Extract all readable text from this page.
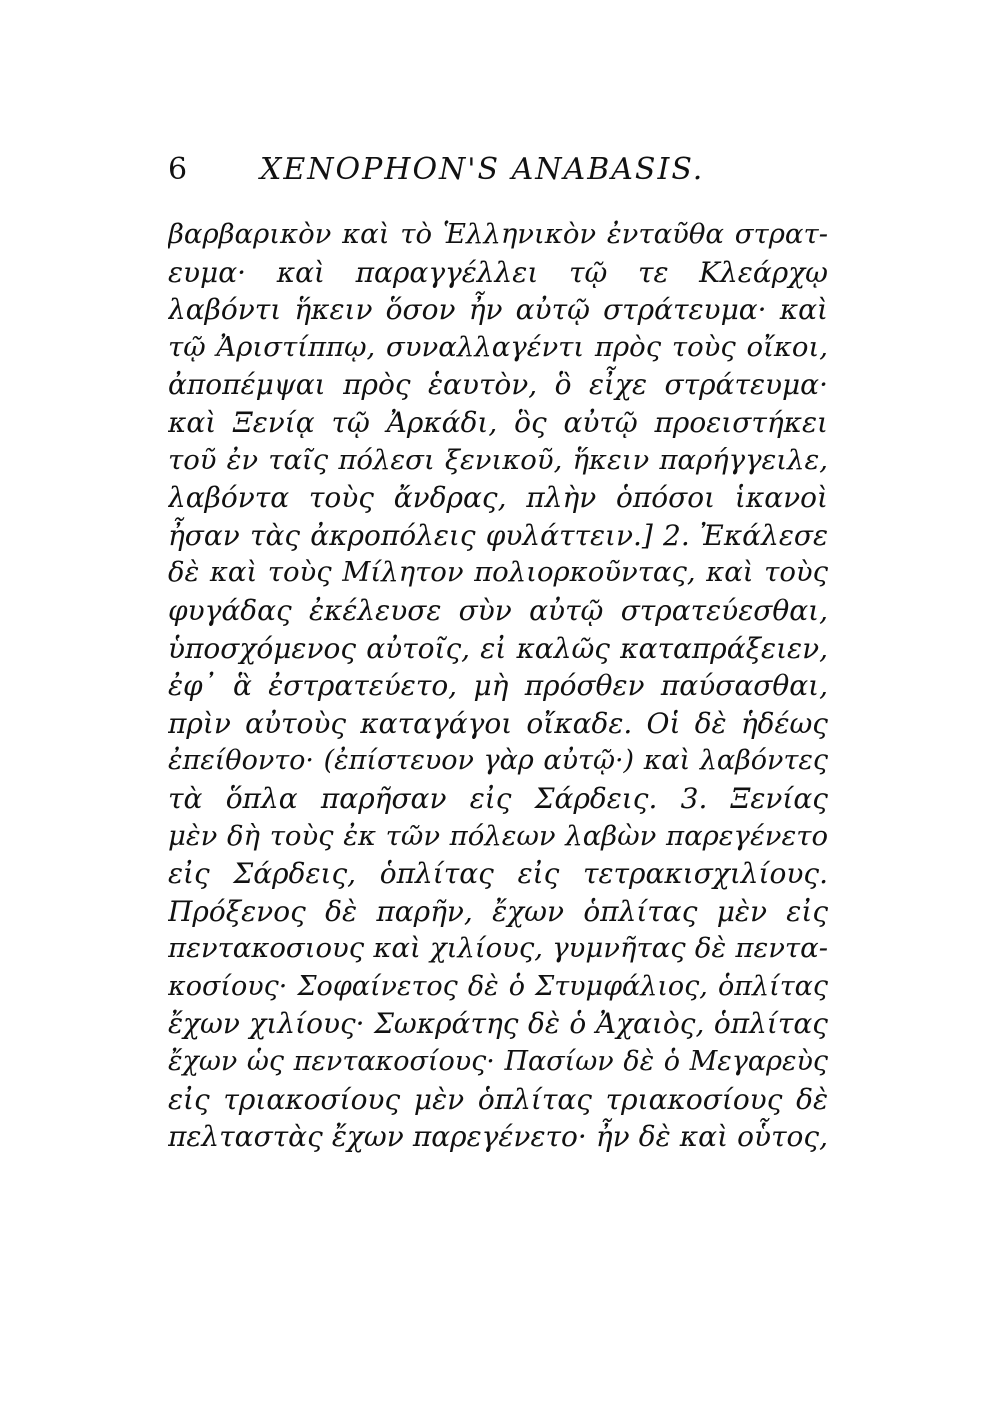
6 XENOPHON'S ANABASIS.
βαρβαρικὸν καὶ τὸ Ἑλληνικὸν ἐνταῦθα στρατ-
ευμα· καὶ παραγγέλλει τῷ τε Κλεάρχῳ
λαβόντι ἥκειν ὅσον ἦν αὐτῷ στράτευμα· καὶ
τῷ Ἀριστίππῳ, συναλλαγέντι πρὸς τοὺς οἴκοι,
ἀποπέμψαι πρὸς ἑαυτὸν, ὃ εἶχε στράτευμα·
καὶ Ξενίᾳ τῷ Ἀρκάδι, ὃς αὐτῷ προειστήκει
τοῦ ἐν ταῖς πόλεσι ξενικοῦ, ἥκειν παρήγγειλε,
λαβόντα τοὺς ἄνδρας, πλὴν ὁπόσοι ἱκανοὶ
ἦσαν τὰς ἀκροπόλεις φυλάττειν.] 2. Ἐκάλεσε
δὲ καὶ τοὺς Μίλητον πολιορκοῦντας, καὶ τοὺς
φυγάδας ἐκέλευσε σὺν αὐτῷ στρατεύεσθαι,
ὑποσχόμενος αὐτοῖς, εἰ καλῶς καταπράξειεν,
ἐφ᾽ ἃ ἐστρατεύετο, μὴ πρόσθεν παύσασθαι,
πρὶν αὐτοὺς καταγάγοι οἴκαδε. Οἱ δὲ ἡδέως
ἐπείθοντο· (ἐπίστευον γὰρ αὐτῷ·) καὶ λαβόντες
τὰ ὅπλα παρῆσαν εἰς Σάρδεις. 3. Ξενίας
μὲν δὴ τοὺς ἐκ τῶν πόλεων λαβὼν παρεγένετο
εἰς Σάρδεις, ὁπλίτας εἰς τετρακισχιλίους.
Πρόξενος δὲ παρῆν, ἔχων ὁπλίτας μὲν εἰς
πεντακοσιους καὶ χιλίους, γυμνῆτας δὲ πεντα-
κοσίους· Σοφαίνετος δὲ ὁ Στυμφάλιος, ὁπλίτας
ἔχων χιλίους· Σωκράτης δὲ ὁ Ἀχαιὸς, ὁπλίτας
ἔχων ὡς πεντακοσίους· Πασίων δὲ ὁ Μεγαρεὺς
εἰς τριακοσίους μὲν ὁπλίτας τριακοσίους δὲ
πελταστὰς ἔχων παρεγένετο· ἦν δὲ καὶ οὗτος,
